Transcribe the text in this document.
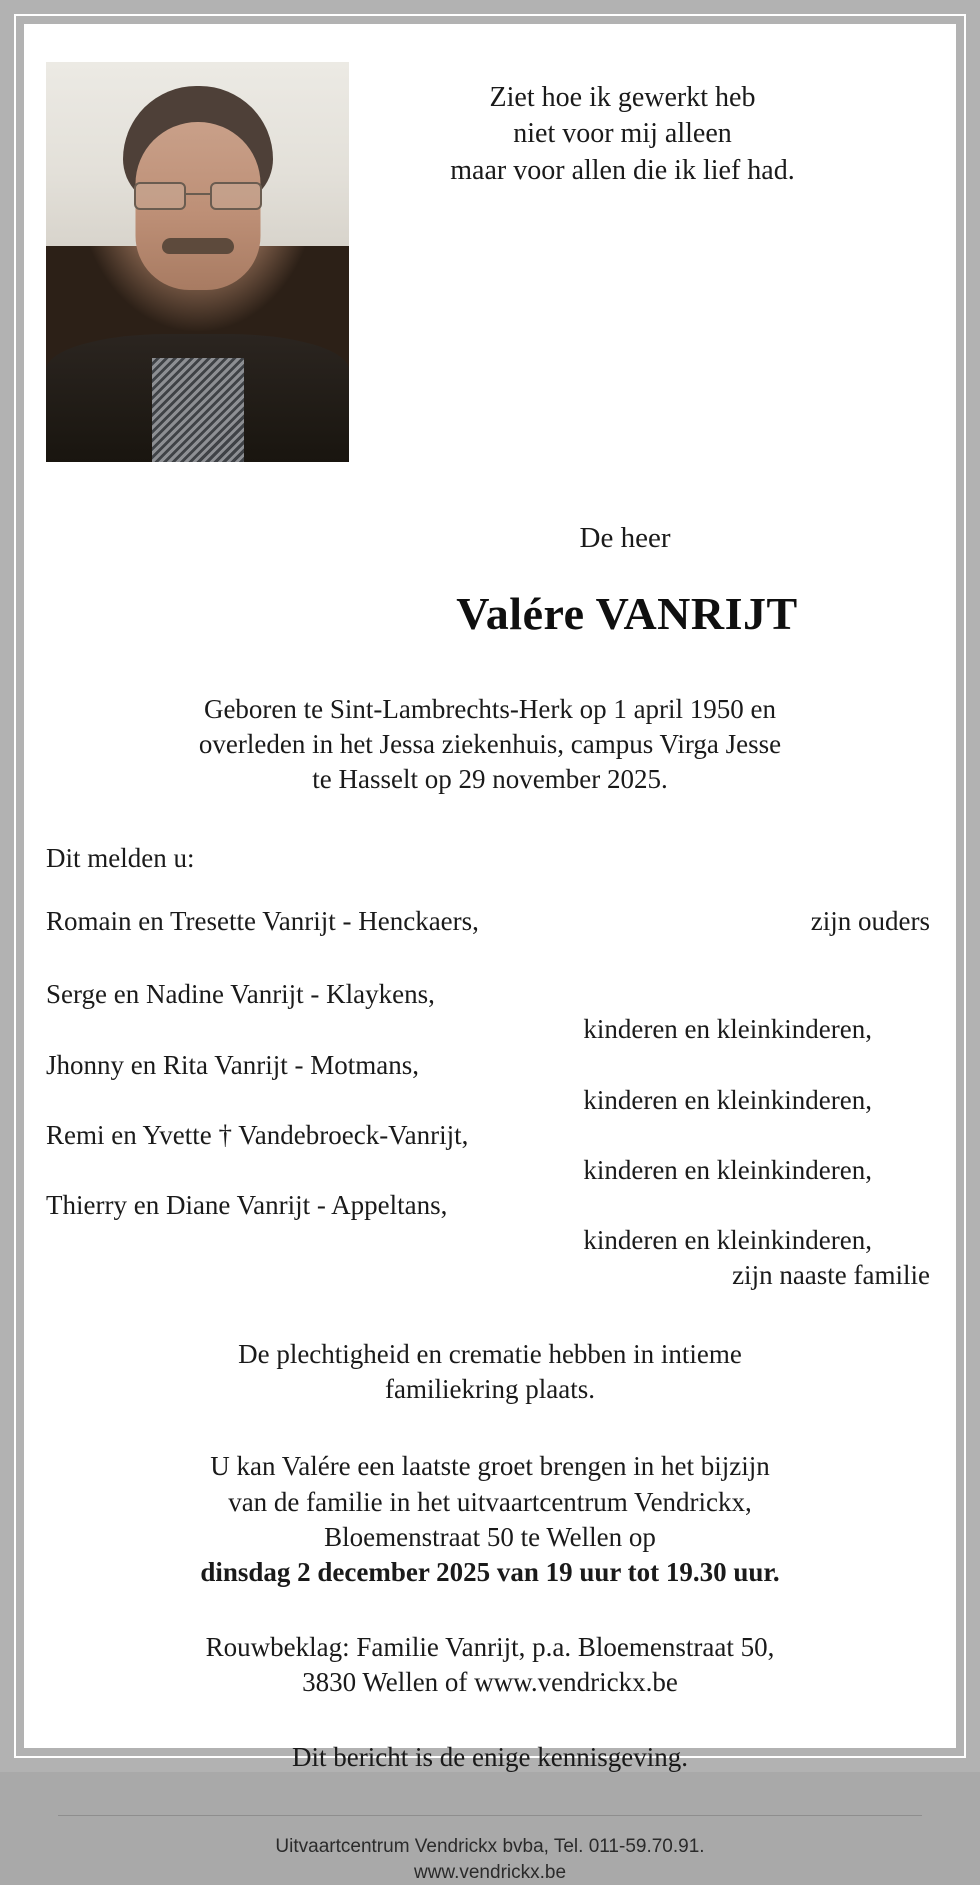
Ziet hoe ik gewerkt heb
niet voor mij alleen
maar voor allen die ik lief had.
De heer
Valére VANRIJT
Geboren te Sint-Lambrechts-Herk op 1 april 1950 en
overleden in het Jessa ziekenhuis, campus Virga Jesse
te Hasselt op 29 november 2025.
Dit melden u:
Romain en Tresette Vanrijt - Henckaers,	zijn ouders
Serge en Nadine Vanrijt - Klaykens,
kinderen en kleinkinderen,
Jhonny en Rita Vanrijt - Motmans,
kinderen en kleinkinderen,
Remi en Yvette † Vandebroeck-Vanrijt,
kinderen en kleinkinderen,
Thierry en Diane Vanrijt - Appeltans,
kinderen en kleinkinderen,
zijn naaste familie
De plechtigheid en crematie hebben in intieme
familiekring plaats.
U kan Valére een laatste groet brengen in het bijzijn
van de familie in het uitvaartcentrum Vendrickx,
Bloemenstraat 50 te Wellen op
dinsdag 2 december 2025 van 19 uur tot 19.30 uur.
Rouwbeklag: Familie Vanrijt, p.a. Bloemenstraat 50,
3830 Wellen of www.vendrickx.be
Dit bericht is de enige kennisgeving.
Uitvaartcentrum Vendrickx bvba, Tel. 011-59.70.91.
www.vendrickx.be
